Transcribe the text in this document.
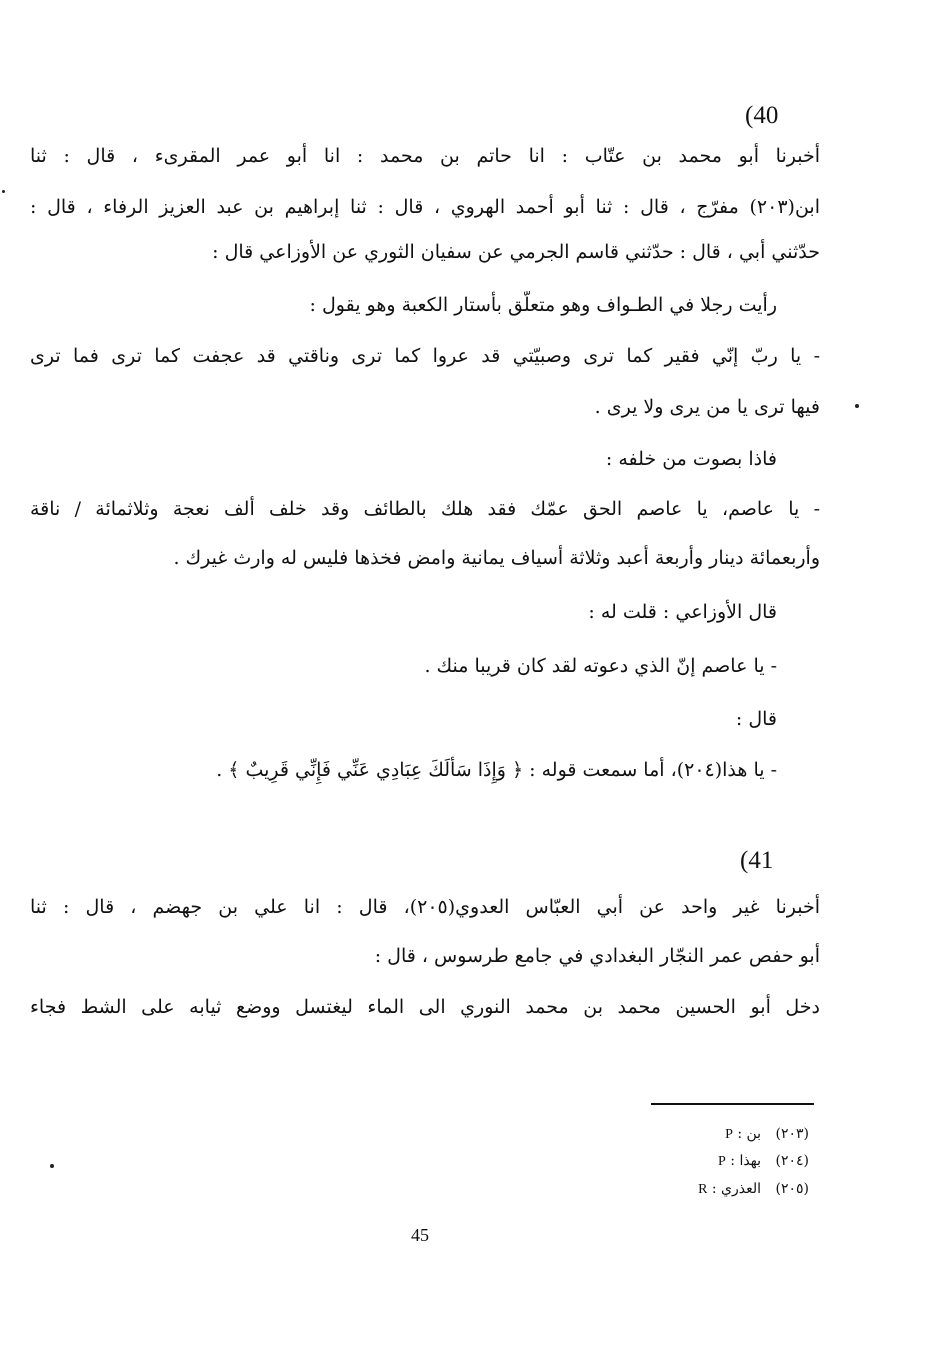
(40
أخبرنا أبو محمد بن عتّاب : انا حاتم بن محمد : انا أبو عمر المقرىء ، قال : ثنا
ابن(٢٠٣) مفرّج ، قال : ثنا أبو أحمد الهروي ، قال : ثنا إبراهيم بن عبد العزيز الرفاء ، قال :
حدّثني أبي ، قال : حدّثني قاسم الجرمي عن سفيان الثوري عن الأوزاعي قال :
رأيت رجلا في الطـواف وهو متعلّق بأستار الكعبة وهو يقول :
- يا ربّ إنّي فقير كما ترى وصبيّتي قد عروا كما ترى وناقتي قد عجفت كما ترى فما ترى
فيها ترى يا من يرى ولا يرى .
فاذا بصوت من خلفه :
- يا عاصم، يا عاصم الحق عمّك فقد هلك بالطائف وقد خلف ألف نعجة وثلاثمائة / ناقة
وأربعمائة دينار وأربعة أعبد وثلاثة أسياف يمانية وامض فخذها فليس له وارث غيرك .
قال الأوزاعي : قلت له :
- يا عاصم إنّ الذي دعوته لقد كان قريبا منك .
قال :
- يا هذا(٢٠٤)، أما سمعت قوله : ﴿ وَإِذَا سَأَلَكَ عِبَادِي عَنِّي فَإِنِّي قَرِيبٌ ﴾ .
(41
أخبرنا غير واحد عن أبي العبّاس العدوي(٢٠٥)، قال : انا علي بن جهضم ، قال : ثنا
أبو حفص عمر النجّار البغدادي في جامع طرسوس ، قال :
دخل أبو الحسين محمد بن محمد النوري الى الماء ليغتسل ووضع ثيابه على الشط فجاء
(٢٠٣) بن : P
(٢٠٤) بهذا : P
(٢٠٥) العذري : R
45
